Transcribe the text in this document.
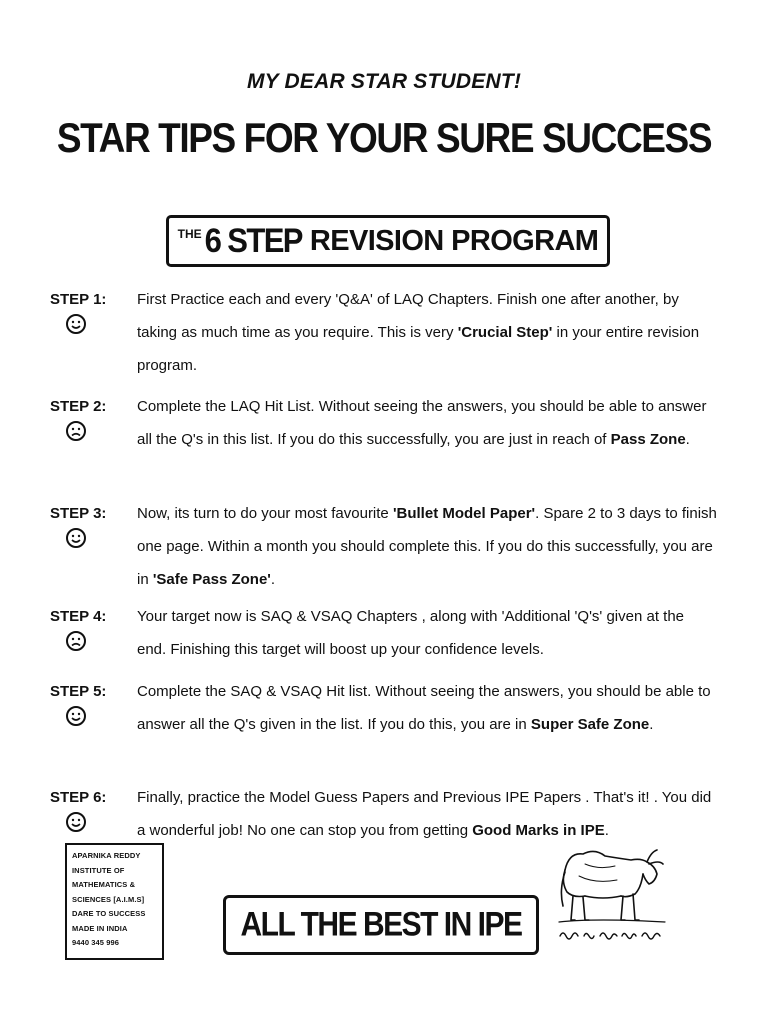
MY DEAR STAR STUDENT!
STAR TIPS FOR YOUR SURE SUCCESS
THE 6 STEP REVISION PROGRAM
STEP 1:	First Practice each and every 'Q&A' of LAQ Chapters. Finish one after another, by taking as much time as you require. This is very 'Crucial Step' in your entire revision program.
STEP 2:	Complete the LAQ Hit List. Without seeing the answers, you should be able to answer all the Q's in this list. If you do this successfully, you are just in reach of Pass Zone.
STEP 3:	Now, its turn to do your most favourite 'Bullet Model Paper'. Spare 2 to 3 days to finish one page. Within a month you should complete this. If you do this successfully, you are in 'Safe Pass Zone'.
STEP 4:	Your target now is SAQ & VSAQ Chapters , along with 'Additional 'Q's' given at the end. Finishing this target will boost up your confidence levels.
STEP 5:	Complete the SAQ & VSAQ Hit list. Without seeing the answers, you should be able to answer all the Q's given in the list. If you do this, you are in Super Safe Zone.
STEP 6:	Finally, practice the Model Guess Papers and Previous IPE Papers . That's it! . You did a wonderful job! No one can stop you from getting Good Marks in IPE.
APARNIKA REDDY
INSTITUTE OF
MATHEMATICS &
SCIENCES [A.I.M.S]
DARE TO SUCCESS
MADE IN INDIA
9440 345 996	ALL THE BEST IN IPE
